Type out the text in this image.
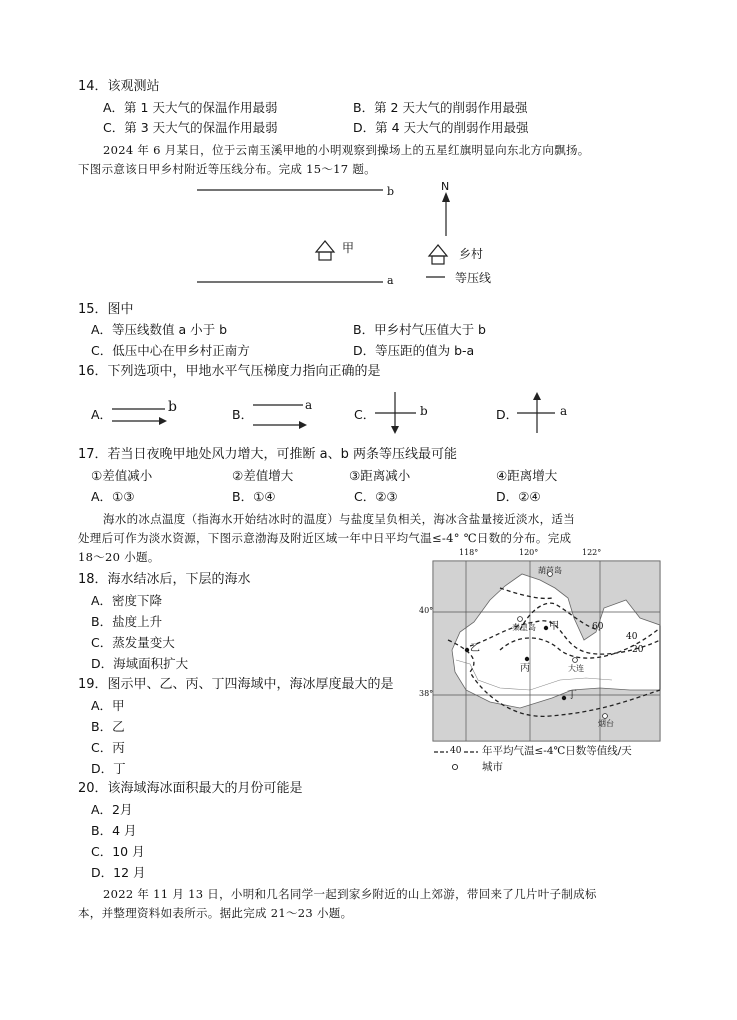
14．该观测站
A．第 1 天大气的保温作用最弱	B．第 2 天大气的削弱作用最强
C．第 3 天大气的保温作用最弱	D．第 4 天大气的削弱作用最强
2024 年 6 月某日，位于云南玉溪甲地的小明观察到操场上的五星红旗明显向东北方向飘扬。
下图示意该日甲乡村附近等压线分布。完成 15～17 题。
b
a
N
甲	乡村
等压线
15．图中
A．等压线数值 a 小于 b	B．甲乡村气压值大于 b
C．低压中心在甲乡村正南方	D．等压距的值为 b-a
16．下列选项中，甲地水平气压梯度力指向正确的是
A．	B．	C．	D．
b	a	b	a
17．若当日夜晚甲地处风力增大，可推断 a、b 两条等压线最可能
①差值减小	②差值增大	③距离减小	④距离增大
A．①③	B．①④	C．②③	D．②④
海水的冰点温度（指海水开始结冰时的温度）与盐度呈负相关，海冰含盐量接近淡水，适当
处理后可作为淡水资源，下图示意渤海及附近区域一年中日平均气温≤-4° ℃日数的分布。完成
18～20 小题。
18．海水结冰后，下层的海水
A．密度下降
B．盐度上升
C．蒸发量变大
D．海域面积扩大
19．图示甲、乙、丙、丁四海域中，海冰厚度最大的是
A．甲
B．乙
C．丙
D．丁
20．该海域海冰面积最大的月份可能是
A．2月
B．4 月
C．10 月
D．12 月
118°	120°	122°
40°
38°
葫芦岛
秦皇岛
大连
烟台
甲
乙
丙
丁
60
40
20
40 年平均气温≤-4℃日数等值线/天
城市
2022 年 11 月 13 日，小明和几名同学一起到家乡附近的山上郊游，带回来了几片叶子制成标
本，并整理资料如表所示。据此完成 21～23 小题。
